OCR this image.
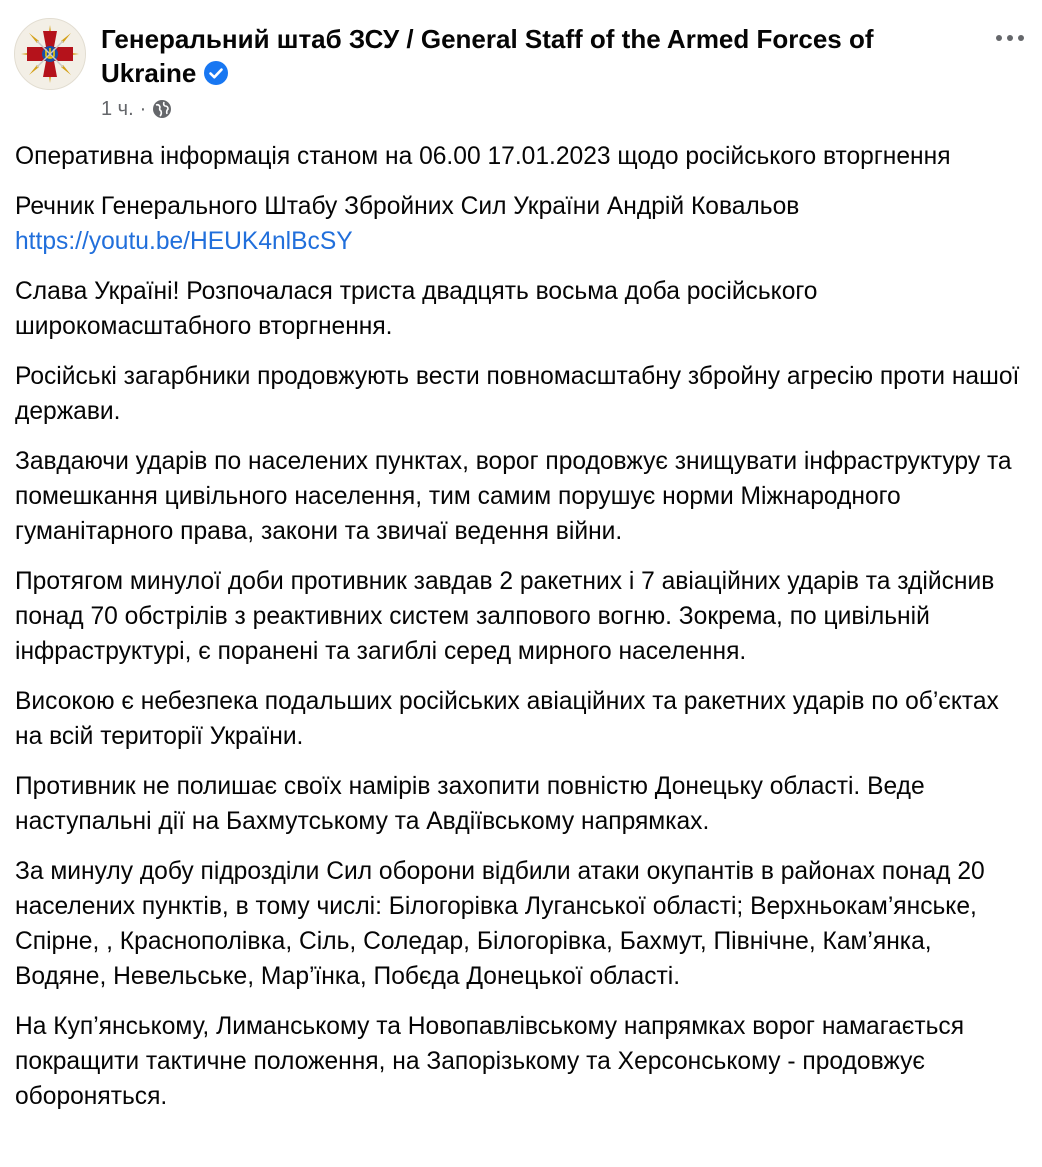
Генеральний штаб ЗСУ / General Staff of the Armed Forces of Ukraine
1 ч. ·

Оперативна інформація станом на 06.00 17.01.2023 щодо російського вторгнення

Речник Генерального Штабу Збройних Сил України Андрій Ковальов
https://youtu.be/HEUK4nlBcSY

Слава Україні! Розпочалася триста двадцять восьма доба російського широкомасштабного вторгнення.

Російські загарбники продовжують вести повномасштабну збройну агресію проти нашої держави.

Завдаючи ударів по населених пунктах, ворог продовжує знищувати інфраструктуру та помешкання цивільного населення, тим самим порушує норми Міжнародного гуманітарного права, закони та звичаї ведення війни.

Протягом минулої доби противник завдав 2 ракетних і 7 авіаційних ударів та здійснив понад 70 обстрілів з реактивних систем залпового вогню. Зокрема, по цивільній інфраструктурі, є поранені та загиблі серед мирного населення.

Високою є небезпека подальших російських авіаційних та ракетних ударів по об’єктах на всій території України.

Противник не полишає своїх намірів захопити повністю Донецьку області. Веде наступальні дії на Бахмутському та Авдіївському напрямках.

За минулу добу підрозділи Сил оборони відбили атаки окупантів в районах понад 20 населених пунктів, в тому числі: Білогорівка Луганської області; Верхньокам’янське, Спірне, , Краснополівка, Сіль, Соледар, Білогорівка, Бахмут, Північне, Кам’янка, Водяне, Невельське, Мар’їнка, Побєда Донецької області.

На Куп’янському, Лиманському та Новопавлівському напрямках ворог намагається покращити тактичне положення, на Запорізькому та Херсонському - продовжує обороняться.
